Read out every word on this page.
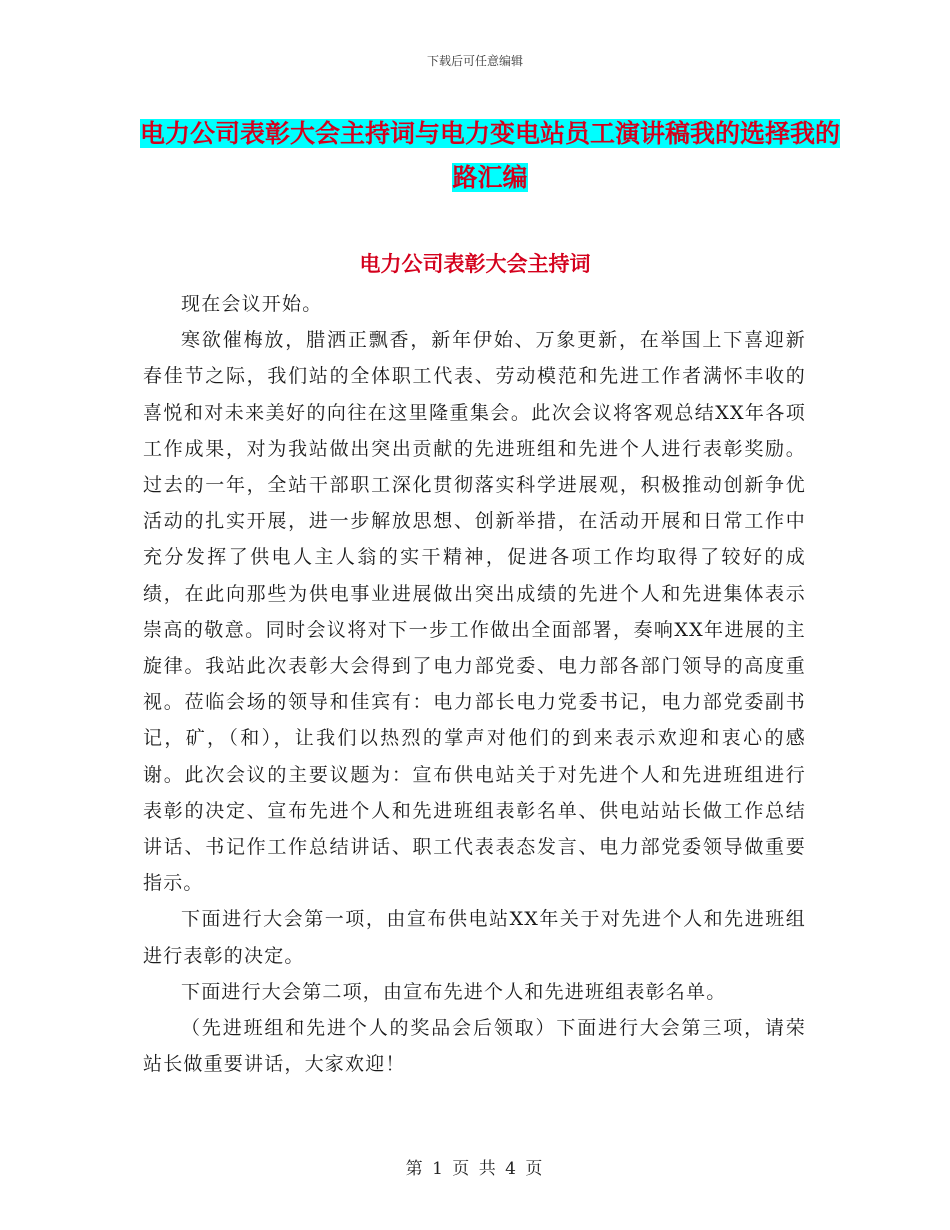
下载后可任意编辑
电力公司表彰大会主持词与电力变电站员工演讲稿我的选择我的路汇编
电力公司表彰大会主持词

现在会议开始。

寒欲催梅放，腊洒正飘香，新年伊始、万象更新，在举国上下喜迎新春佳节之际，我们站的全体职工代表、劳动模范和先进工作者满怀丰收的喜悦和对未来美好的向往在这里隆重集会。此次会议将客观总结XX年各项工作成果，对为我站做出突出贡献的先进班组和先进个人进行表彰奖励。过去的一年，全站干部职工深化贯彻落实科学进展观，积极推动创新争优活动的扎实开展，进一步解放思想、创新举措，在活动开展和日常工作中充分发挥了供电人主人翁的实干精神，促进各项工作均取得了较好的成绩，在此向那些为供电事业进展做出突出成绩的先进个人和先进集体表示崇高的敬意。同时会议将对下一步工作做出全面部署，奏响XX年进展的主旋律。我站此次表彰大会得到了电力部党委、电力部各部门领导的高度重视。莅临会场的领导和佳宾有：电力部长电力党委书记，电力部党委副书记，矿，（和），让我们以热烈的掌声对他们的到来表示欢迎和衷心的感谢。此次会议的主要议题为：宣布供电站关于对先进个人和先进班组进行表彰的决定、宣布先进个人和先进班组表彰名单、供电站站长做工作总结讲话、书记作工作总结讲话、职工代表表态发言、电力部党委领导做重要指示。

下面进行大会第一项，由宣布供电站XX年关于对先进个人和先进班组进行表彰的决定。

下面进行大会第二项，由宣布先进个人和先进班组表彰名单。

（先进班组和先进个人的奖品会后领取）下面进行大会第三项，请荣站长做重要讲话，大家欢迎！

第 1 页 共 4 页
